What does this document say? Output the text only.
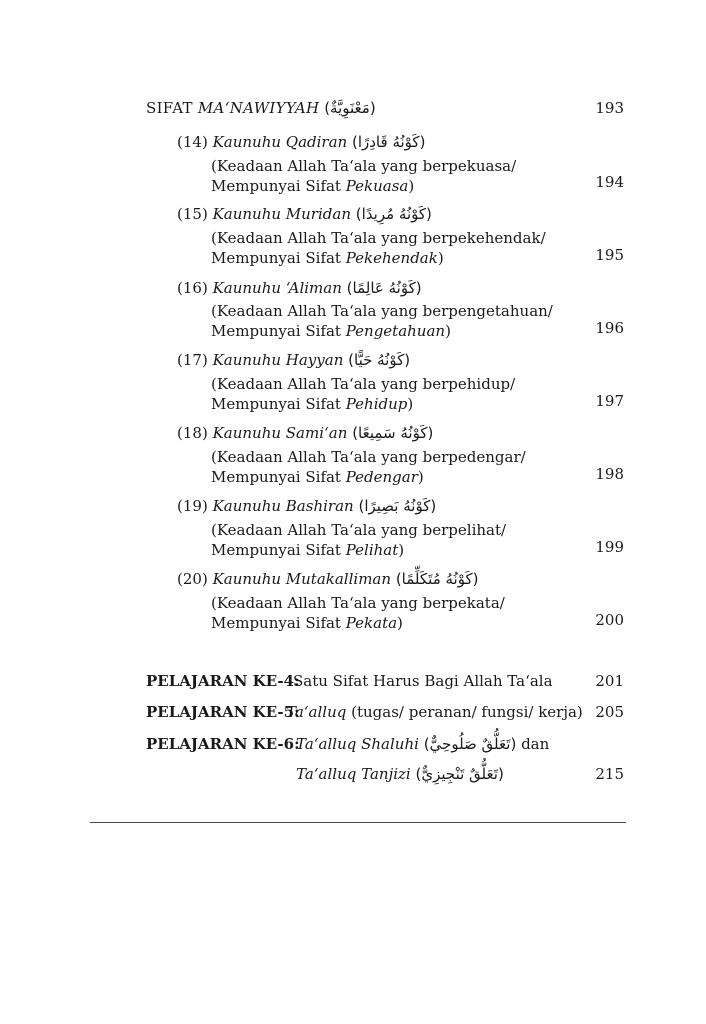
SIFAT MA‘NAWIYYAH (مَعْنَوِيَّةٌ)	193
(14) Kaunuhu Qadiran (كَوْنُهُ قَادِرًا)
(Keadaan Allah Ta‘ala yang berpekuasa/
Mempunyai Sifat Pekuasa)	194
(15) Kaunuhu Muridan (كَوْنُهُ مُرِيدًا)
(Keadaan Allah Ta‘ala yang berpekehendak/
Mempunyai Sifat Pekehendak)	195
(16) Kaunuhu ‘Aliman (كَوْنُهُ عَالِمًا)
(Keadaan Allah Ta‘ala yang berpengetahuan/
Mempunyai Sifat Pengetahuan)	196
(17) Kaunuhu Hayyan (كَوْنُهُ حَيًّا)
(Keadaan Allah Ta‘ala yang berpehidup/
Mempunyai Sifat Pehidup)	197
(18) Kaunuhu Sami‘an (كَوْنُهُ سَمِيعًا)
(Keadaan Allah Ta‘ala yang berpedengar/
Mempunyai Sifat Pedengar)	198
(19) Kaunuhu Bashiran (كَوْنُهُ بَصِيرًا)
(Keadaan Allah Ta‘ala yang berpelihat/
Mempunyai Sifat Pelihat)	199
(20) Kaunuhu Mutakalliman (كَوْنُهُ مُتَكَلِّمًا)
(Keadaan Allah Ta‘ala yang berpekata/
Mempunyai Sifat Pekata)	200
PELAJARAN KE-4:
Satu Sifat Harus Bagi Allah Ta‘ala	201
PELAJARAN KE-5:
Ta‘alluq (tugas/ peranan/ fungsi/ kerja) 205
PELAJARAN KE-6:
Ta‘alluq Shaluhi (تَعَلُّقٌ صَلُوحِيٌّ) dan
Ta‘alluq Tanjizi (تَعَلُّقٌ تَنْجِيزِيٌّ)	215
